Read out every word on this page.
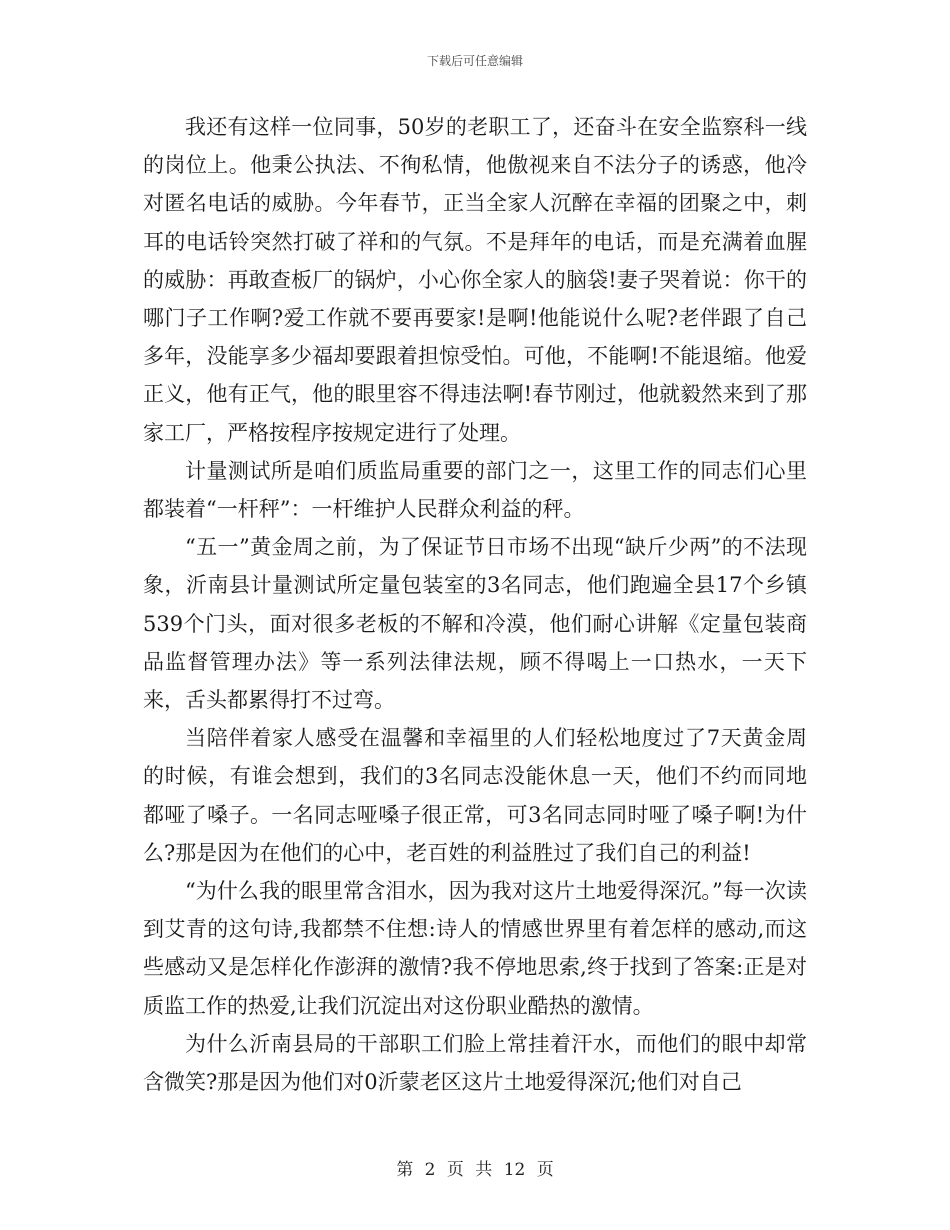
下载后可任意编辑

我还有这样一位同事，50岁的老职工了，还奋斗在安全监察科一线的岗位上。他秉公执法、不徇私情，他傲视来自不法分子的诱惑，他冷对匿名电话的威胁。今年春节，正当全家人沉醉在幸福的团聚之中，刺耳的电话铃突然打破了祥和的气氛。不是拜年的电话，而是充满着血腥的威胁：再敢查板厂的锅炉，小心你全家人的脑袋!妻子哭着说：你干的哪门子工作啊?爱工作就不要再要家!是啊!他能说什么呢?老伴跟了自己多年，没能享多少福却要跟着担惊受怕。可他，不能啊!不能退缩。他爱正义，他有正气，他的眼里容不得违法啊!春节刚过，他就毅然来到了那家工厂，严格按程序按规定进行了处理。

计量测试所是咱们质监局重要的部门之一，这里工作的同志们心里都装着“一杆秤”：一杆维护人民群众利益的秤。

“五一”黄金周之前，为了保证节日市场不出现“缺斤少两”的不法现象，沂南县计量测试所定量包装室的3名同志，他们跑遍全县17个乡镇539个门头，面对很多老板的不解和冷漠，他们耐心讲解《定量包装商品监督管理办法》等一系列法律法规，顾不得喝上一口热水，一天下来，舌头都累得打不过弯。

当陪伴着家人感受在温馨和幸福里的人们轻松地度过了7天黄金周的时候，有谁会想到，我们的3名同志没能休息一天，他们不约而同地都哑了嗓子。一名同志哑嗓子很正常，可3名同志同时哑了嗓子啊!为什么?那是因为在他们的心中，老百姓的利益胜过了我们自己的利益!

“为什么我的眼里常含泪水，因为我对这片土地爱得深沉。”每一次读到艾青的这句诗,我都禁不住想:诗人的情感世界里有着怎样的感动,而这些感动又是怎样化作澎湃的激情?我不停地思索,终于找到了答案:正是对质监工作的热爱,让我们沉淀出对这份职业酷热的激情。

为什么沂南县局的干部职工们脸上常挂着汗水，而他们的眼中却常含微笑?那是因为他们对0沂蒙老区这片土地爱得深沉;他们对自己

第 2 页 共 12 页
